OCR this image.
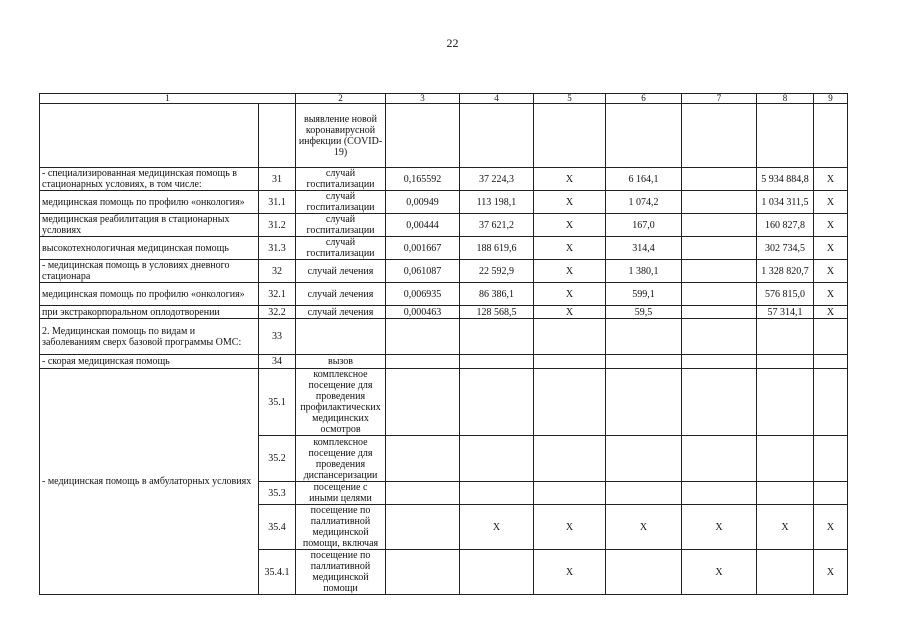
22
1		2	3	4	5	6	7	8	9
		выявление новой коронавирусной инфекции (COVID-19)							
- специализированная медицинская помощь в стационарных условиях, в том числе:	31	случай госпитализации	0,165592	37 224,3	Х	6 164,1		5 934 884,8	Х
медицинская помощь по профилю «онкология»	31.1	случай госпитализации	0,00949	113 198,1	Х	1 074,2		1 034 311,5	Х
медицинская реабилитация в стационарных условиях	31.2	случай госпитализации	0,00444	37 621,2	Х	167,0		160 827,8	Х
высокотехнологичная медицинская помощь	31.3	случай госпитализации	0,001667	188 619,6	Х	314,4		302 734,5	Х
- медицинская помощь в условиях дневного стационара	32	случай лечения	0,061087	22 592,9	Х	1 380,1		1 328 820,7	Х
медицинская помощь по профилю «онкология»	32.1	случай лечения	0,006935	86 386,1	Х	599,1		576 815,0	Х
при экстракорпоральном оплодотворении	32.2	случай лечения	0,000463	128 568,5	Х	59,5		57 314,1	Х
2. Медицинская помощь по видам и заболеваниям сверх базовой программы ОМС:	33								
- скорая медицинская помощь	34	вызов							
- медицинская помощь в амбулаторных условиях	35.1	комплексное посещение для проведения профилактических медицинских осмотров							
	35.2	комплексное посещение для проведения диспансеризации							
	35.3	посещение с иными целями							
	35.4	посещение по паллиативной медицинской помощи, включая		Х	Х	Х	Х	Х	Х
	35.4.1	посещение по паллиативной медицинской помощи			Х		Х		Х
